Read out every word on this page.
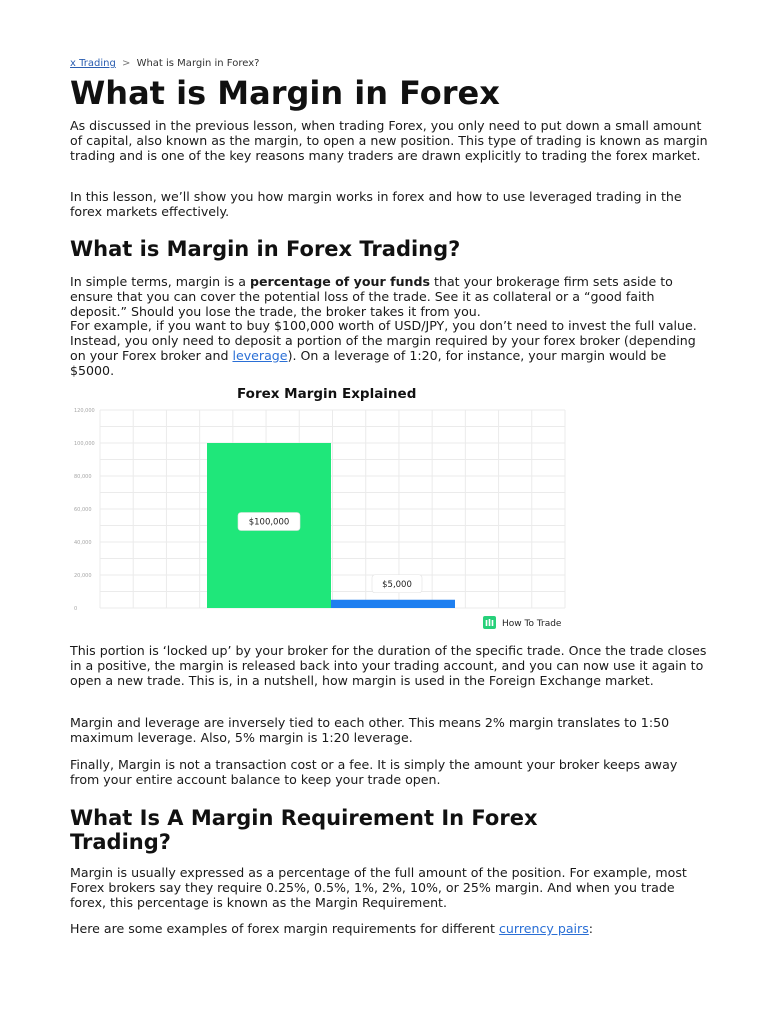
x Trading > What is Margin in Forex?
What is Margin in Forex

As discussed in the previous lesson, when trading Forex, you only need to put down a small amount of capital, also known as the margin, to open a new position. This type of trading is known as margin trading and is one of the key reasons many traders are drawn explicitly to trading the forex market.

In this lesson, we’ll show you how margin works in forex and how to use leveraged trading in the forex markets effectively.

What is Margin in Forex Trading?

In simple terms, margin is a percentage of your funds that your brokerage firm sets aside to ensure that you can cover the potential loss of the trade. See it as collateral or a “good faith deposit.” Should you lose the trade, the broker takes it from you.

For example, if you want to buy $100,000 worth of USD/JPY, you don’t need to invest the full value. Instead, you only need to deposit a portion of the margin required by your forex broker (depending on your Forex broker and leverage). On a leverage of 1:20, for instance, your margin would be $5000.

This portion is ‘locked up’ by your broker for the duration of the specific trade. Once the trade closes in a positive, the margin is released back into your trading account, and you can now use it again to open a new trade. This is, in a nutshell, how margin is used in the Foreign Exchange market.

Margin and leverage are inversely tied to each other. This means 2% margin translates to 1:50 maximum leverage. Also, 5% margin is 1:20 leverage.

Finally, Margin is not a transaction cost or a fee. It is simply the amount your broker keeps away from your entire account balance to keep your trade open.

What Is A Margin Requirement In Forex Trading?

Margin is usually expressed as a percentage of the full amount of the position. For example, most Forex brokers say they require 0.25%, 0.5%, 1%, 2%, 10%, or 25% margin. And when you trade forex, this percentage is known as the Margin Requirement.

Here are some examples of forex margin requirements for different currency pairs:

Forex Margin Explained
120,000
100,000
80,000
60,000
40,000
20,000
0
$100,000
$5,000
How To Trade
